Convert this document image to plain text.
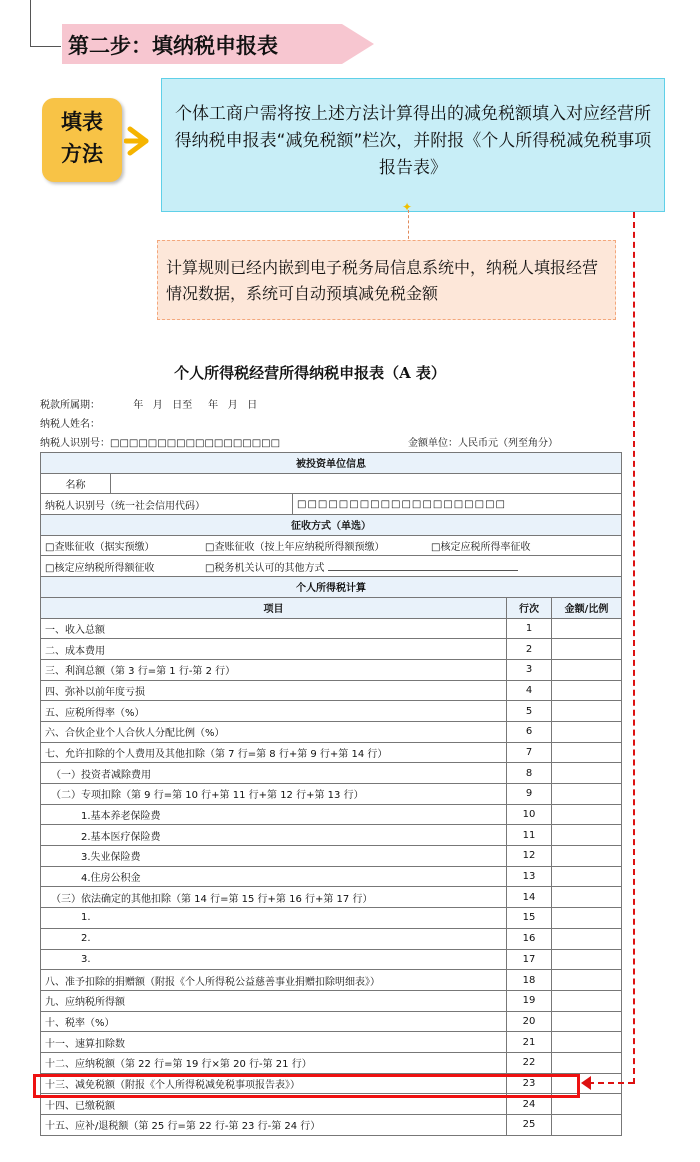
第二步：填纳税申报表
填表
方法
个体工商户需将按上述方法计算得出的减免税额填入对应经营所得纳税申报表“减免税额”栏次，并附报《个人所得税减免税事项报告表》
✦
计算规则已经内嵌到电子税务局信息系统中，纳税人填报经营情况数据，系统可自动预填减免税金额
个人所得税经营所得纳税申报表（A 表）
税款所属期：	年   月   日至     年   月   日
纳税人姓名：
纳税人识别号：□□□□□□□□□□□□□□□□□□	金额单位：人民币元（列至角分）
被投资单位信息				
名称				
纳税人识别号（统一社会信用代码）		□□□□□□□□□□□□□□□□□□□□		
征收方式（单选）				
□查账征收（据实预缴） □查账征收（按上年应纳税所得额预缴） □核定应税所得率征收				
□核定应纳税所得额征收 □税务机关认可的其他方式				
个人所得税计算				
项目			行次	金额/比例
一、收入总额			1	
二、成本费用			2	
三、利润总额（第 3 行=第 1 行-第 2 行）			3	
四、弥补以前年度亏损			4	
五、应税所得率（%）			5	
六、合伙企业个人合伙人分配比例（%）			6	
七、允许扣除的个人费用及其他扣除（第 7 行=第 8 行+第 9 行+第 14 行）			7	
（一）投资者减除费用			8	
（二）专项扣除（第 9 行=第 10 行+第 11 行+第 12 行+第 13 行）			9	
1.基本养老保险费			10	
2.基本医疗保险费			11	
3.失业保险费			12	
4.住房公积金			13	
（三）依法确定的其他扣除（第 14 行=第 15 行+第 16 行+第 17 行）			14	
1.			15	
2.			16	
3.			17	
八、准予扣除的捐赠额（附报《个人所得税公益慈善事业捐赠扣除明细表》）			18	
九、应纳税所得额			19	
十、税率（%）			20	
十一、速算扣除数			21	
十二、应纳税额（第 22 行=第 19 行×第 20 行-第 21 行）			22	
十三、减免税额（附报《个人所得税减免税事项报告表》）			23	
十四、已缴税额			24	
十五、应补/退税额（第 25 行=第 22 行-第 23 行-第 24 行）			25	
